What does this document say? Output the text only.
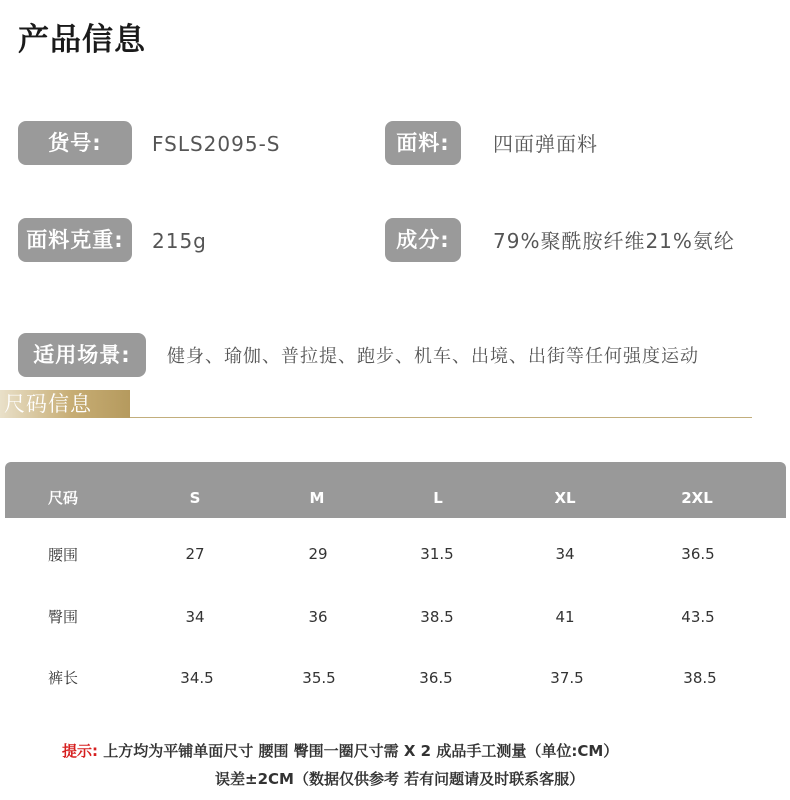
产品信息
货号:	FSLS2095-S	面料:	四面弹面料
面料克重:	215g	成分:	79%聚酰胺纤维21%氨纶
适用场景:	健身、瑜伽、普拉提、跑步、机车、出境、出街等任何强度运动
尺码信息
尺码	S	M	L	XL	2XL
腰围	27	29	31.5	34	36.5
臀围	34	36	38.5	41	43.5
裤长	34.5	35.5	36.5	37.5	38.5
提示: 上方均为平铺单面尺寸 腰围 臀围一圈尺寸需 X 2 成品手工测量（单位:CM）
误差±2CM（数据仅供参考 若有问题请及时联系客服）
